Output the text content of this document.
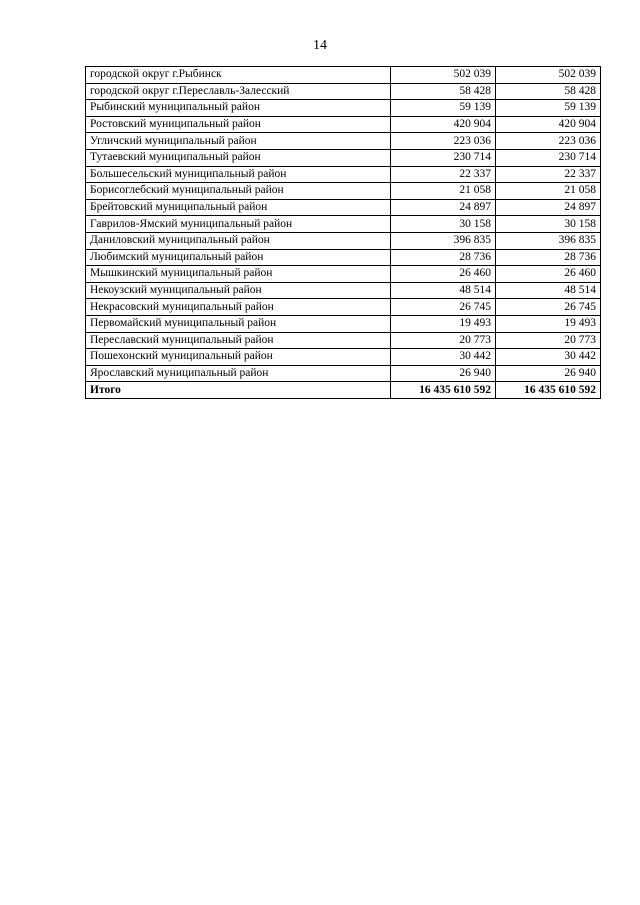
14
городской округ г.Рыбинск	502 039	502 039
городской округ г.Переславль-Залесский	58 428	58 428
Рыбинский муниципальный район	59 139	59 139
Ростовский муниципальный район	420 904	420 904
Угличский муниципальный район	223 036	223 036
Тутаевский муниципальный район	230 714	230 714
Большесельский муниципальный район	22 337	22 337
Борисоглебский муниципальный район	21 058	21 058
Брейтовский муниципальный район	24 897	24 897
Гаврилов-Ямский муниципальный район	30 158	30 158
Даниловский муниципальный район	396 835	396 835
Любимский муниципальный район	28 736	28 736
Мышкинский муниципальный район	26 460	26 460
Некоузский муниципальный район	48 514	48 514
Некрасовский муниципальный район	26 745	26 745
Первомайский муниципальный район	19 493	19 493
Переславский муниципальный район	20 773	20 773
Пошехонский муниципальный район	30 442	30 442
Ярославский муниципальный район	26 940	26 940
Итого	16 435 610 592	16 435 610 592
